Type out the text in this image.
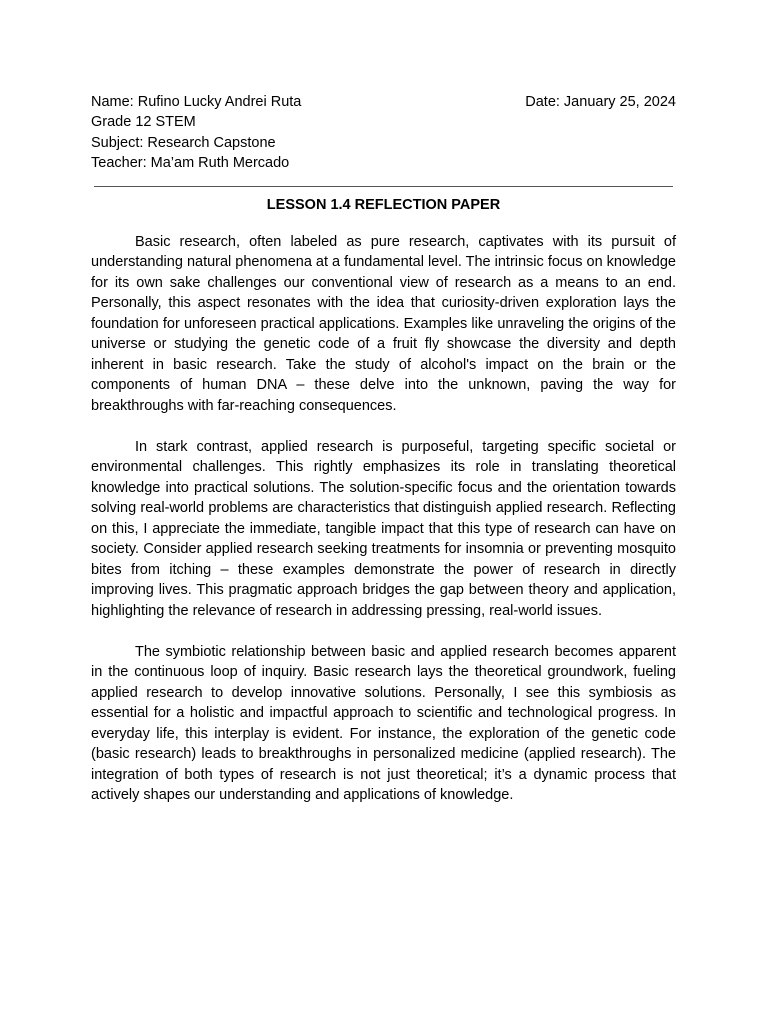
Name: Rufino Lucky Andrei Ruta	Date: January 25, 2024
Grade 12 STEM
Subject: Research Capstone
Teacher: Ma’am Ruth Mercado
LESSON 1.4 REFLECTION PAPER

Basic research, often labeled as pure research, captivates with its pursuit of understanding natural phenomena at a fundamental level. The intrinsic focus on knowledge for its own sake challenges our conventional view of research as a means to an end. Personally, this aspect resonates with the idea that curiosity-driven exploration lays the foundation for unforeseen practical applications. Examples like unraveling the origins of the universe or studying the genetic code of a fruit fly showcase the diversity and depth inherent in basic research. Take the study of alcohol's impact on the brain or the components of human DNA – these delve into the unknown, paving the way for breakthroughs with far-reaching consequences.

In stark contrast, applied research is purposeful, targeting specific societal or environmental challenges. This rightly emphasizes its role in translating theoretical knowledge into practical solutions. The solution-specific focus and the orientation towards solving real-world problems are characteristics that distinguish applied research. Reflecting on this, I appreciate the immediate, tangible impact that this type of research can have on society. Consider applied research seeking treatments for insomnia or preventing mosquito bites from itching – these examples demonstrate the power of research in directly improving lives. This pragmatic approach bridges the gap between theory and application, highlighting the relevance of research in addressing pressing, real-world issues.

The symbiotic relationship between basic and applied research becomes apparent in the continuous loop of inquiry. Basic research lays the theoretical groundwork, fueling applied research to develop innovative solutions. Personally, I see this symbiosis as essential for a holistic and impactful approach to scientific and technological progress. In everyday life, this interplay is evident. For instance, the exploration of the genetic code (basic research) leads to breakthroughs in personalized medicine (applied research). The integration of both types of research is not just theoretical; it’s a dynamic process that actively shapes our understanding and applications of knowledge.
